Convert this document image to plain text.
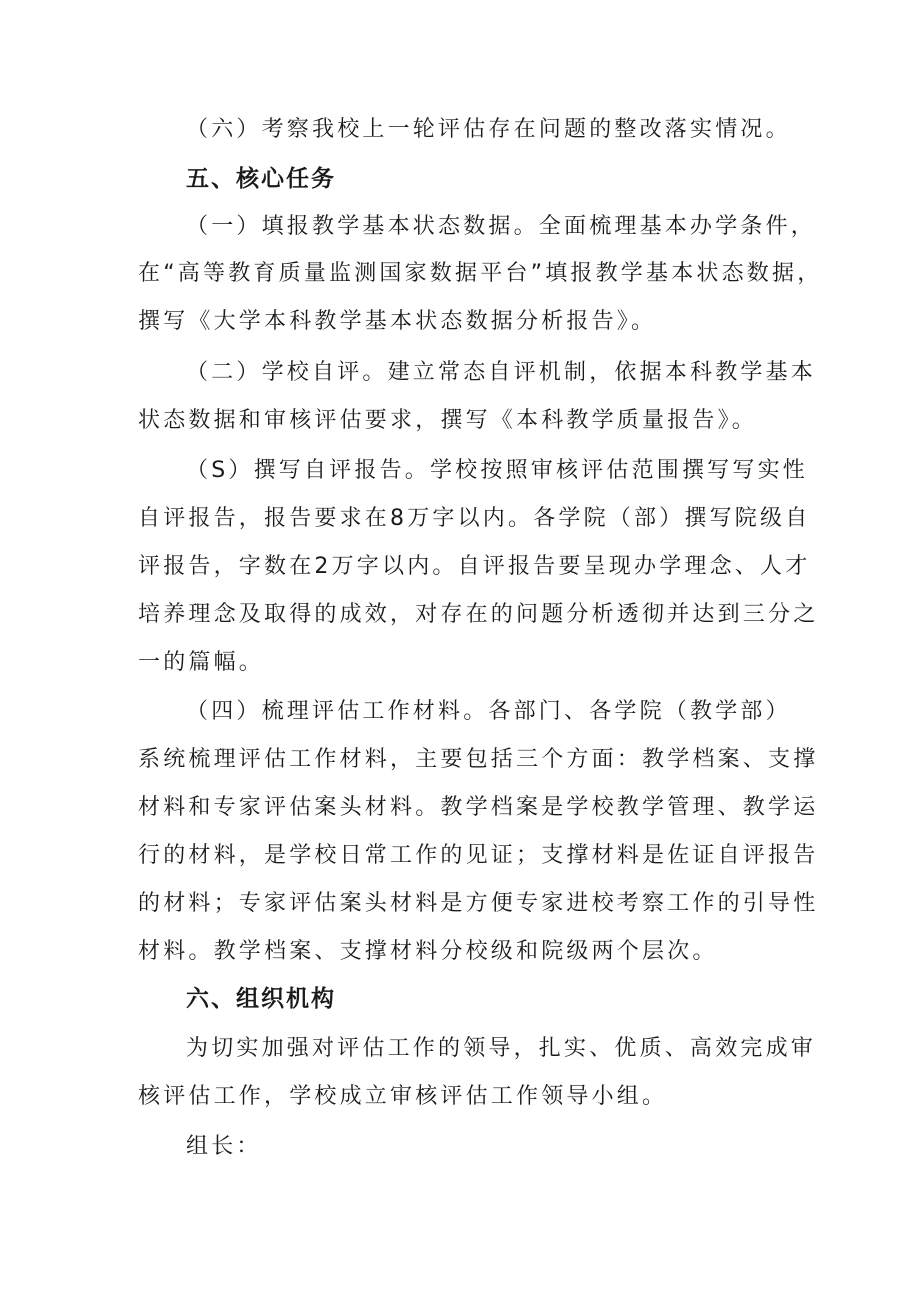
（六）考察我校上一轮评估存在问题的整改落实情况。
五、核心任务
（一）填报教学基本状态数据。全面梳理基本办学条件，
在“高等教育质量监测国家数据平台”填报教学基本状态数据，
撰写《大学本科教学基本状态数据分析报告》。
（二）学校自评。建立常态自评机制，依据本科教学基本
状态数据和审核评估要求，撰写《本科教学质量报告》。
（S）撰写自评报告。学校按照审核评估范围撰写写实性
自评报告，报告要求在8万字以内。各学院（部）撰写院级自
评报告，字数在2万字以内。自评报告要呈现办学理念、人才
培养理念及取得的成效，对存在的问题分析透彻并达到三分之
一的篇幅。
（四）梳理评估工作材料。各部门、各学院（教学部）
系统梳理评估工作材料，主要包括三个方面：教学档案、支撑
材料和专家评估案头材料。教学档案是学校教学管理、教学运
行的材料，是学校日常工作的见证；支撑材料是佐证自评报告
的材料；专家评估案头材料是方便专家进校考察工作的引导性
材料。教学档案、支撑材料分校级和院级两个层次。
六、组织机构
为切实加强对评估工作的领导，扎实、优质、高效完成审
核评估工作，学校成立审核评估工作领导小组。
组长：
